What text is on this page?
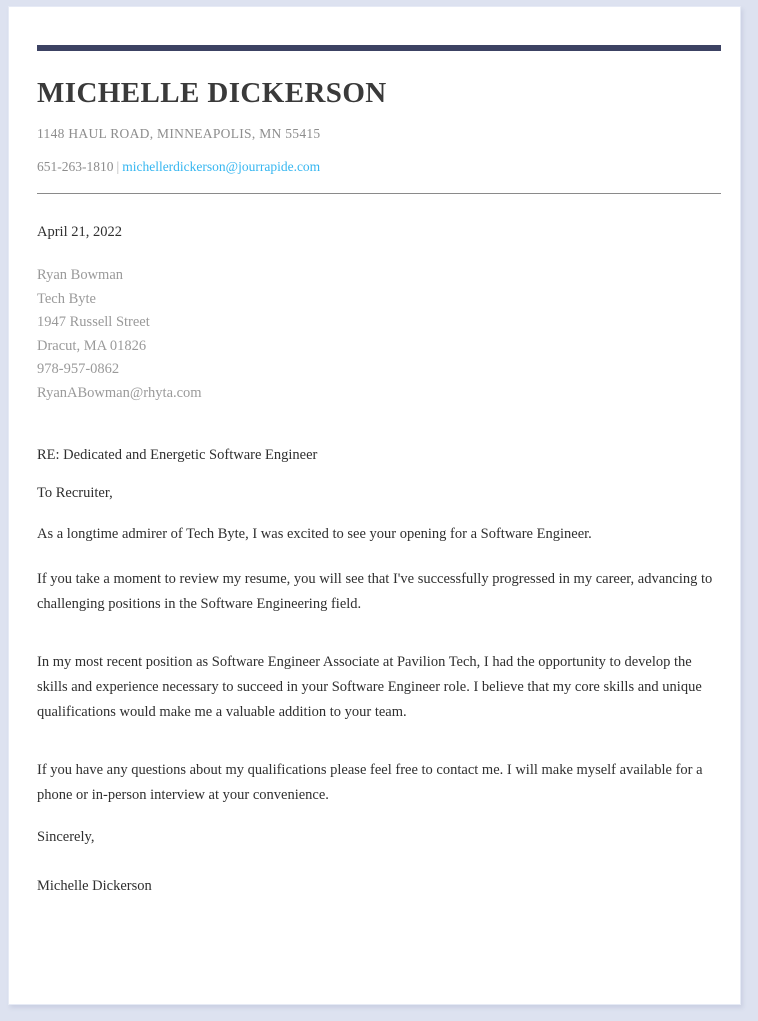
MICHELLE DICKERSON
1148 HAUL ROAD, MINNEAPOLIS, MN 55415
651-263-1810 | michellerdickerson@jourrapide.com
April 21, 2022
Ryan Bowman
Tech Byte
1947 Russell Street
Dracut, MA 01826
978-957-0862
RyanABowman@rhyta.com
RE: Dedicated and Energetic Software Engineer
To Recruiter,

As a longtime admirer of Tech Byte, I was excited to see your opening for a Software Engineer.

If you take a moment to review my resume, you will see that I've successfully progressed in my career, advancing to challenging positions in the Software Engineering field.

In my most recent position as Software Engineer Associate at Pavilion Tech, I had the opportunity to develop the skills and experience necessary to succeed in your Software Engineer role. I believe that my core skills and unique qualifications would make me a valuable addition to your team.

If you have any questions about my qualifications please feel free to contact me. I will make myself available for a phone or in-person interview at your convenience.

Sincerely,
Michelle Dickerson
